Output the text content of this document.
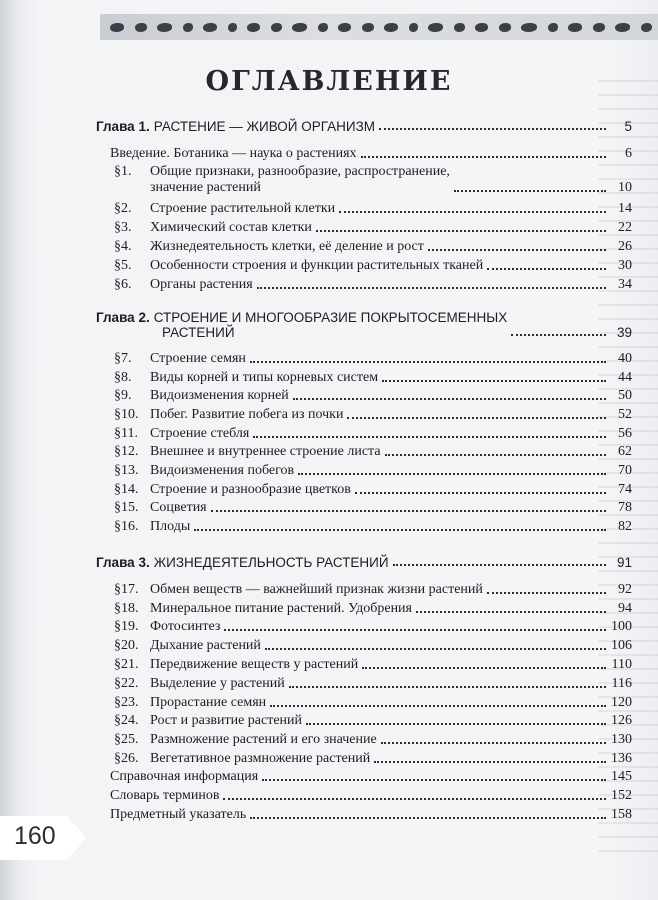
ОГЛАВЛЕНИЕ
Глава 1. РАСТЕНИЕ — ЖИВОЙ ОРГАНИЗМ	5
Введение. Ботаника — наука о растениях	6
§1.	Общие признаки, разнообразие, распространение,
значение растений	10
§2.	Строение растительной клетки	14
§3.	Химический состав клетки	22
§4.	Жизнедеятельность клетки, её деление и рост	26
§5.	Особенности строения и функции растительных тканей	30
§6.	Органы растения	34
Глава 2. СТРОЕНИЕ И МНОГООБРАЗИЕ ПОКРЫТОСЕМЕННЫХ
РАСТЕНИЙ	39
§7.	Строение семян	40
§8.	Виды корней и типы корневых систем	44
§9.	Видоизменения корней	50
§10. Побег. Развитие побега из почки	52
§11. Строение стебля	56
§12. Внешнее и внутреннее строение листа	62
§13. Видоизменения побегов	70
§14. Строение и разнообразие цветков	74
§15. Соцветия	78
§16. Плоды	82
Глава 3. ЖИЗНЕДЕЯТЕЛЬНОСТЬ РАСТЕНИЙ	91
§17. Обмен веществ — важнейший признак жизни растений	92
§18. Минеральное питание растений. Удобрения	94
§19. Фотосинтез	100
§20. Дыхание растений	106
§21. Передвижение веществ у растений	110
§22. Выделение у растений	116
§23. Прорастание семян	120
§24. Рост и развитие растений	126
§25. Размножение растений и его значение	130
§26. Вегетативное размножение растений	136
Справочная информация	145
Словарь терминов	152
Предметный указатель	158
160
